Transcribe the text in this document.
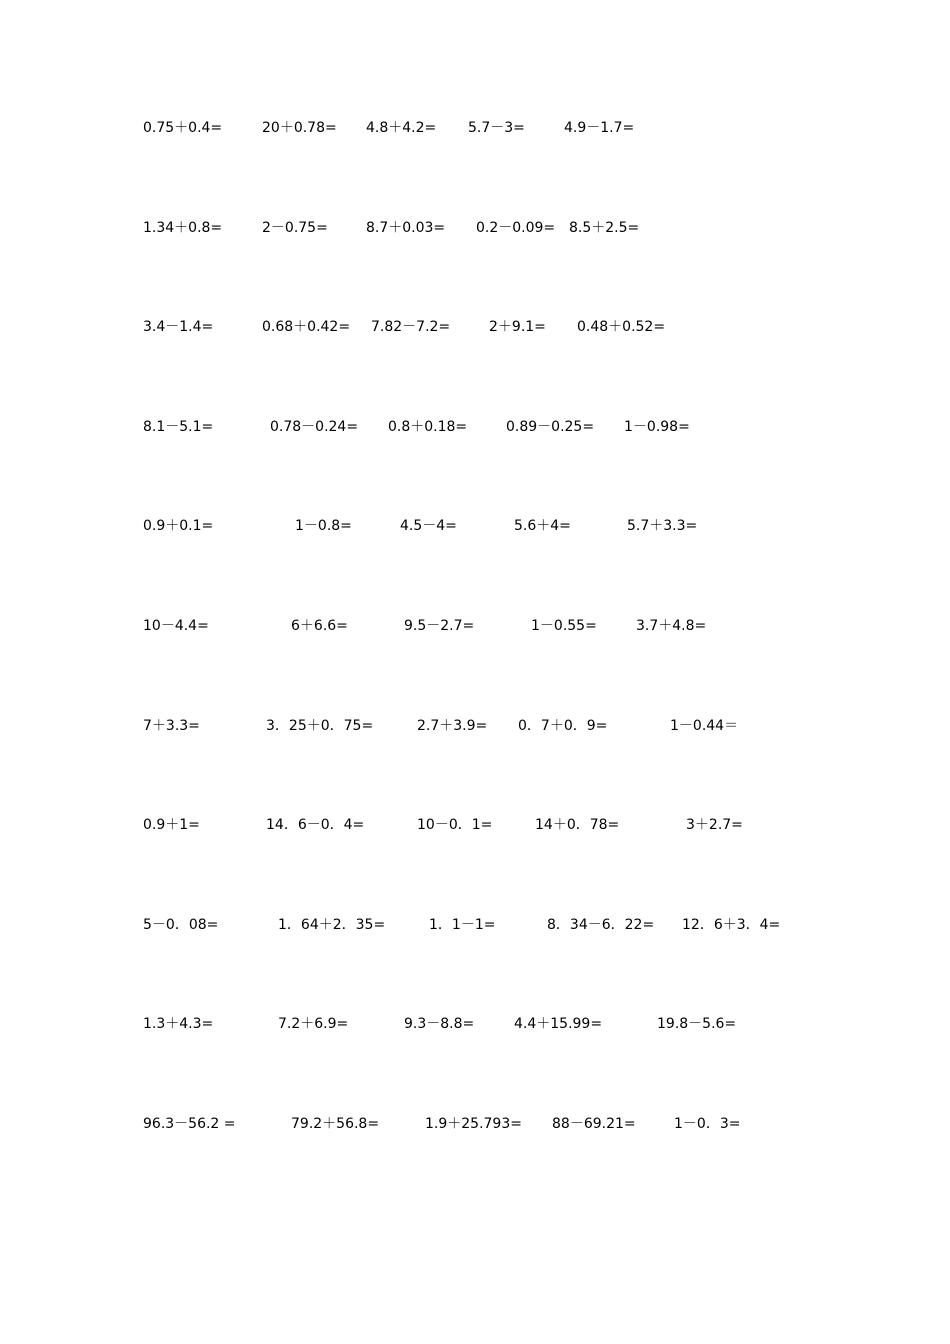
0.75＋0.4=	20＋0.78= 4.8＋4.2= 5.7－3=	4.9－1.7=
1.34＋0.8=	2－0.75=	8.7＋0.03= 0.2－0.09= 8.5＋2.5=
3.4－1.4=	0.68＋0.42= 7.82－7.2=	2＋9.1= 0.48＋0.52=
8.1－5.1=	0.78－0.24= 0.8＋0.18=	0.89－0.25= 1－0.98=
0.9＋0.1=	1－0.8=	4.5－4=	5.6＋4=	5.7＋3.3=
10－4.4=	6＋6.6=	9.5－2.7=	1－0.55=	3.7＋4.8=
7＋3.3=	3．25＋0．75=	2.7＋3.9= 0．7＋0．9=	1－0.44＝
0.9＋1=	14．6－0．4=	10－0．1=	14＋0．78=	3＋2.7=
5－0．08=	1．64＋2．35=	1．1－1=	8．34－6．22= 12．6＋3．4=
1.3＋4.3=	7.2＋6.9=	9.3－8.8=	4.4＋15.99=	19.8－5.6=
96.3－56.2 =	79.2＋56.8=	1.9＋25.793= 88－69.21=	1－0．3=
